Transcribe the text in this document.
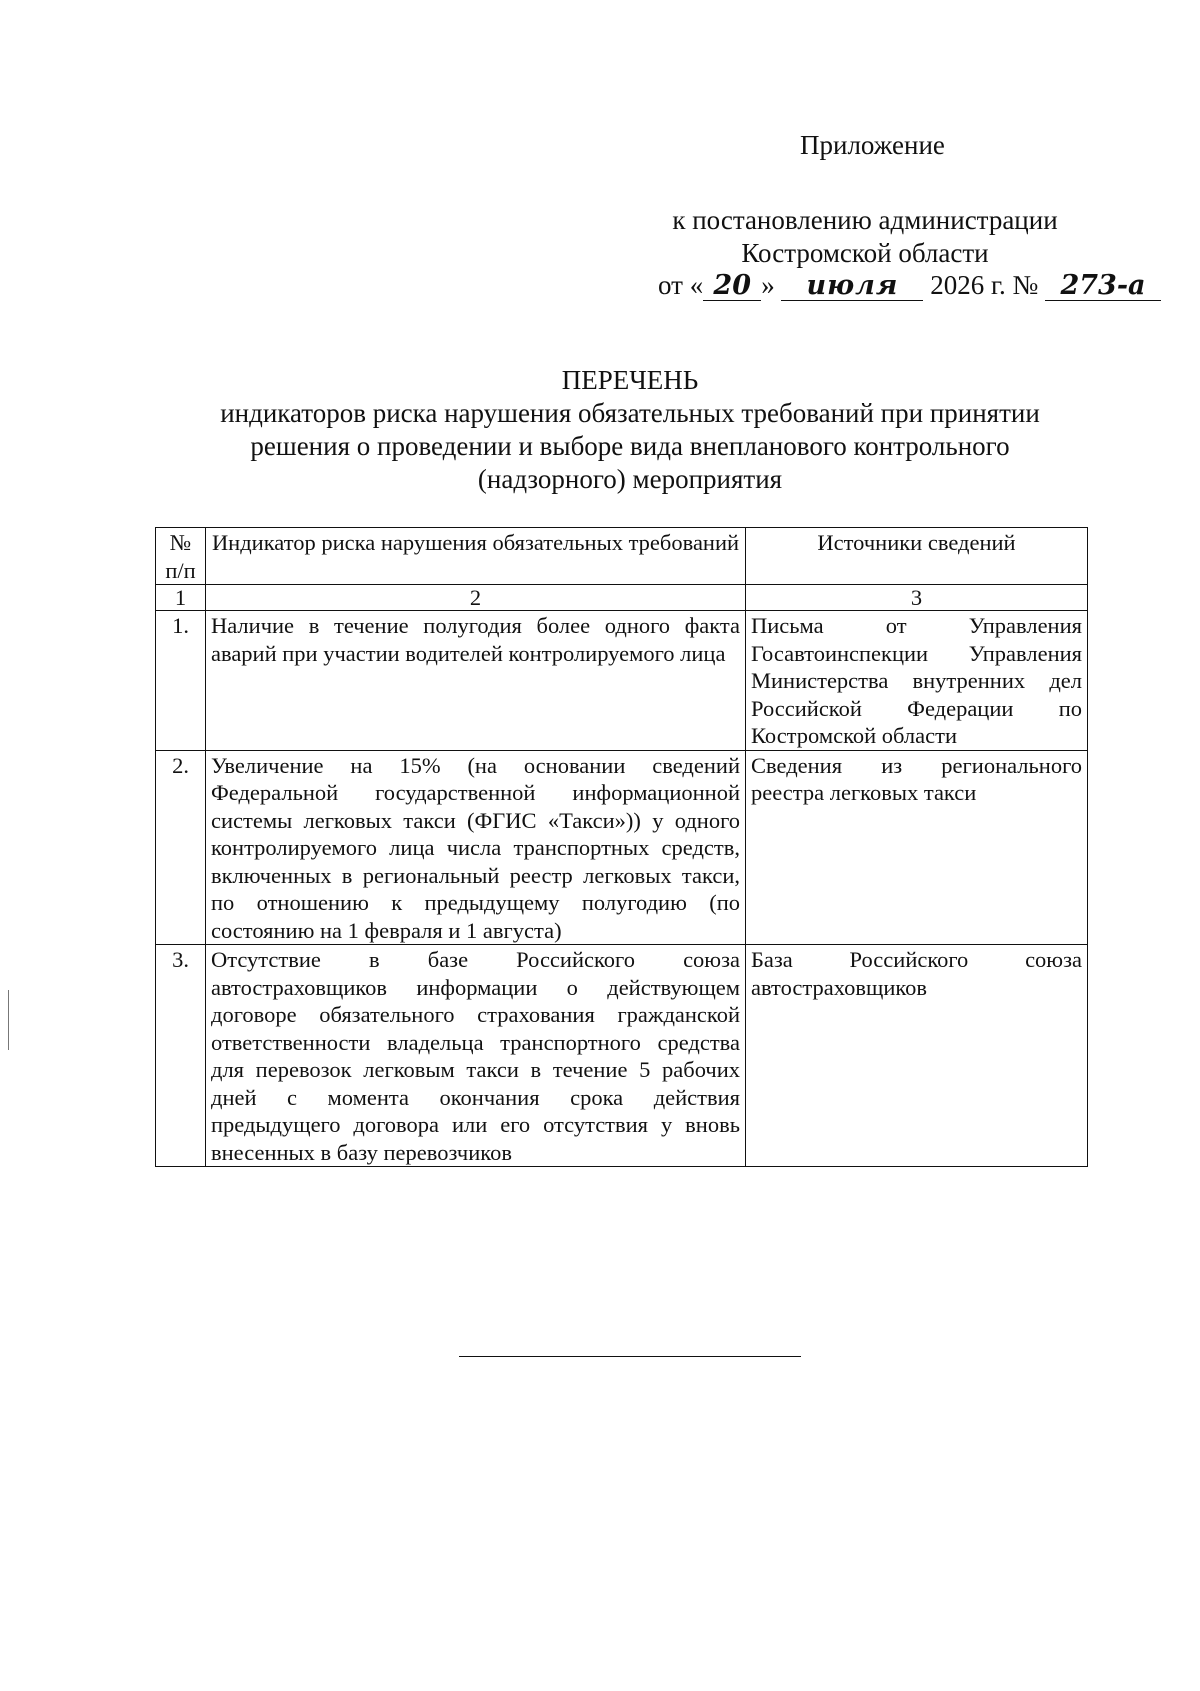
Приложение
к постановлению администрации
Костромской области
от « 20 » июля 2026 г. № 273-а
ПЕРЕЧЕНЬ
индикаторов риска нарушения обязательных требований при принятии
решения о проведении и выборе вида внепланового контрольного
(надзорного) мероприятия
№ п/п	Индикатор риска нарушения обязательных требований	Источники сведений
1	2	3
1.	Наличие в течение полугодия более одного факта аварий при участии водителей контролируемого лица	Письма от Управления Госавтоинспекции Управления Министерства внутренних дел Российской Федерации по Костромской области
2.	Увеличение на 15% (на основании сведений Федеральной государственной информационной системы легковых такси (ФГИС «Такси»)) у одного контролируемого лица числа транспортных средств, включенных в региональный реестр легковых такси, по отношению к предыдущему полугодию (по состоянию на 1 февраля и 1 августа)	Сведения из регионального реестра легковых такси
3.	Отсутствие в базе Российского союза автостраховщиков информации о действующем договоре обязательного страхования гражданской ответственности владельца транспортного средства для перевозок легковым такси в течение 5 рабочих дней с момента окончания срока действия предыдущего договора или его отсутствия у вновь внесенных в базу перевозчиков	База Российского союза автостраховщиков
